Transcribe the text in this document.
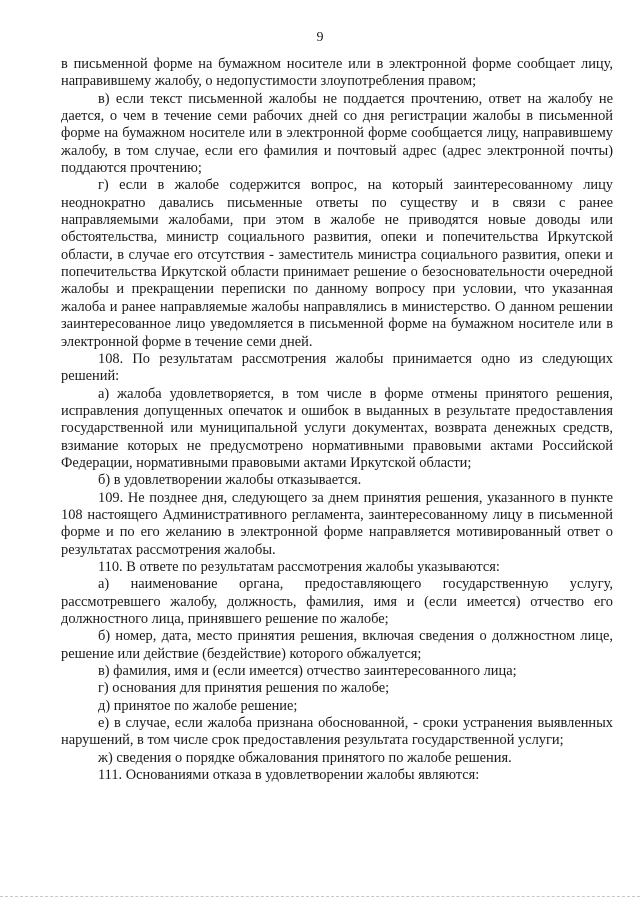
9

в письменной форме на бумажном носителе или в электронной форме сообщает лицу, направившему жалобу, о недопустимости злоупотребления правом;

в) если текст письменной жалобы не поддается прочтению, ответ на жалобу не дается, о чем в течение семи рабочих дней со дня регистрации жалобы в письменной форме на бумажном носителе или в электронной форме сообщается лицу, направившему жалобу, в том случае, если его фамилия и почтовый адрес (адрес электронной почты) поддаются прочтению;

г) если в жалобе содержится вопрос, на который заинтересованному лицу неоднократно давались письменные ответы по существу и в связи с ранее направляемыми жалобами, при этом в жалобе не приводятся новые доводы или обстоятельства, министр социального развития, опеки и попечительства Иркутской области, в случае его отсутствия - заместитель министра социального развития, опеки и попечительства Иркутской области принимает решение о безосновательности очередной жалобы и прекращении переписки по данному вопросу при условии, что указанная жалоба и ранее направляемые жалобы направлялись в министерство. О данном решении заинтересованное лицо уведомляется в письменной форме на бумажном носителе или в электронной форме в течение семи дней.

108. По результатам рассмотрения жалобы принимается одно из следующих решений:

а) жалоба удовлетворяется, в том числе в форме отмены принятого решения, исправления допущенных опечаток и ошибок в выданных в результате предоставления государственной или муниципальной услуги документах, возврата денежных средств, взимание которых не предусмотрено нормативными правовыми актами Российской Федерации, нормативными правовыми актами Иркутской области;

б) в удовлетворении жалобы отказывается.

109. Не позднее дня, следующего за днем принятия решения, указанного в пункте 108 настоящего Административного регламента, заинтересованному лицу в письменной форме и по его желанию в электронной форме направляется мотивированный ответ о результатах рассмотрения жалобы.

110. В ответе по результатам рассмотрения жалобы указываются:

а) наименование органа, предоставляющего государственную услугу, рассмотревшего жалобу, должность, фамилия, имя и (если имеется) отчество его должностного лица, принявшего решение по жалобе;

б) номер, дата, место принятия решения, включая сведения о должностном лице, решение или действие (бездействие) которого обжалуется;

в) фамилия, имя и (если имеется) отчество заинтересованного лица;

г) основания для принятия решения по жалобе;

д) принятое по жалобе решение;

е) в случае, если жалоба признана обоснованной, - сроки устранения выявленных нарушений, в том числе срок предоставления результата государственной услуги;

ж) сведения о порядке обжалования принятого по жалобе решения.

111. Основаниями отказа в удовлетворении жалобы являются:
